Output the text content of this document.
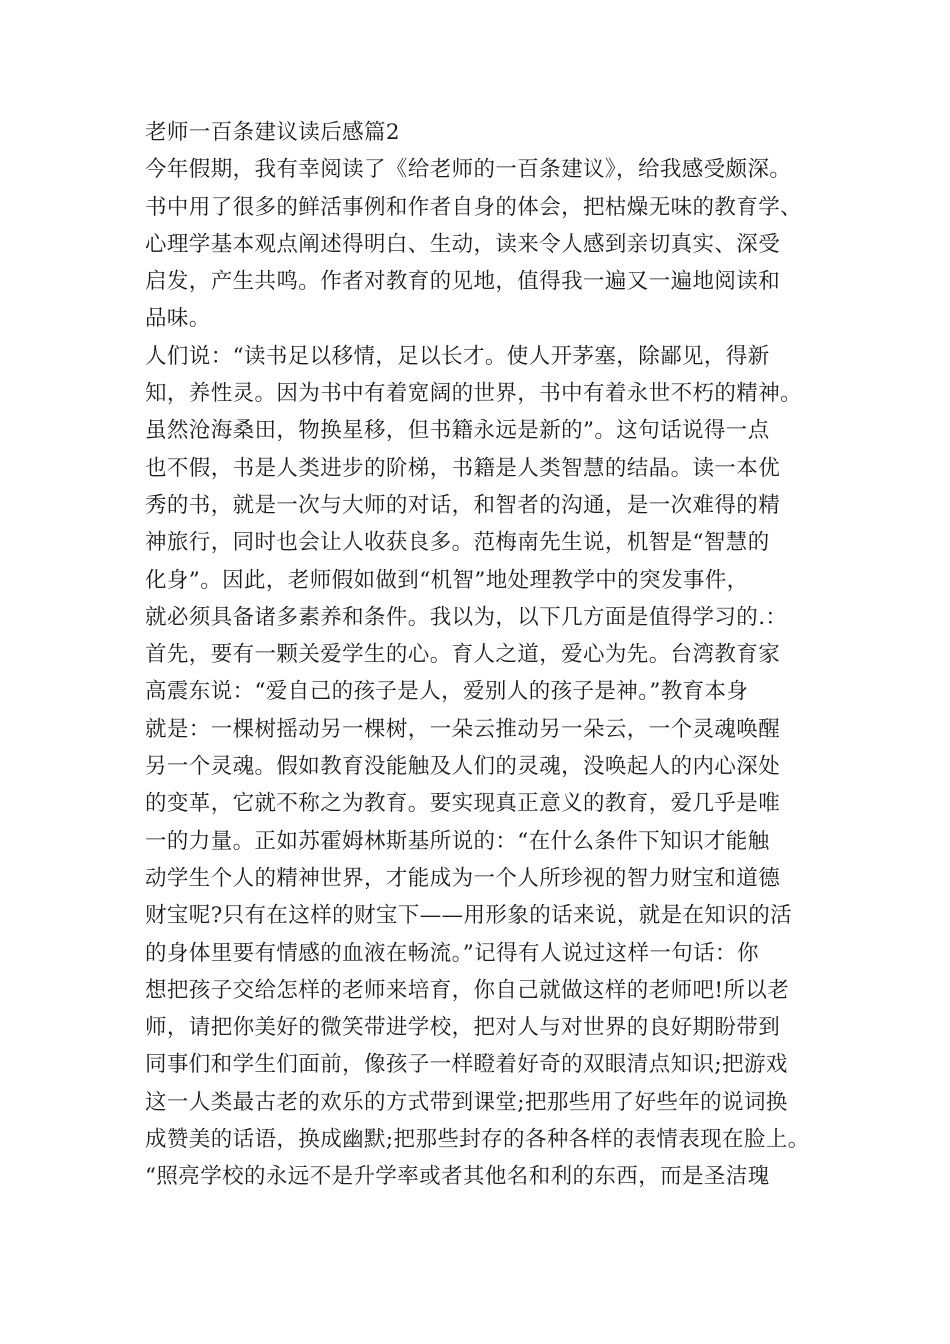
老师一百条建议读后感篇2
今年假期，我有幸阅读了《给老师的一百条建议》，给我感受颇深。
书中用了很多的鲜活事例和作者自身的体会，把枯燥无味的教育学、
心理学基本观点阐述得明白、生动，读来令人感到亲切真实、深受
启发，产生共鸣。作者对教育的见地，值得我一遍又一遍地阅读和
品味。
人们说：“读书足以移情，足以长才。使人开茅塞，除鄙见，得新
知，养性灵。因为书中有着宽阔的世界，书中有着永世不朽的精神。
虽然沧海桑田，物换星移，但书籍永远是新的”。这句话说得一点
也不假，书是人类进步的阶梯，书籍是人类智慧的结晶。读一本优
秀的书，就是一次与大师的对话，和智者的沟通，是一次难得的精
神旅行，同时也会让人收获良多。范梅南先生说，机智是“智慧的
化身”。因此，老师假如做到“机智”地处理教学中的突发事件，
就必须具备诸多素养和条件。我以为，以下几方面是值得学习的.：
首先，要有一颗关爱学生的心。育人之道，爱心为先。台湾教育家
高震东说：“爱自己的孩子是人，爱别人的孩子是神。”教育本身
就是：一棵树摇动另一棵树，一朵云推动另一朵云，一个灵魂唤醒
另一个灵魂。假如教育没能触及人们的灵魂，没唤起人的内心深处
的变革，它就不称之为教育。要实现真正意义的教育，爱几乎是唯
一的力量。正如苏霍姆林斯基所说的：“在什么条件下知识才能触
动学生个人的精神世界，才能成为一个人所珍视的智力财宝和道德
财宝呢?只有在这样的财宝下——用形象的话来说，就是在知识的活
的身体里要有情感的血液在畅流。”记得有人说过这样一句话：你
想把孩子交给怎样的老师来培育，你自己就做这样的老师吧!所以老
师，请把你美好的微笑带进学校，把对人与对世界的良好期盼带到
同事们和学生们面前，像孩子一样瞪着好奇的双眼清点知识;把游戏
这一人类最古老的欢乐的方式带到课堂;把那些用了好些年的说词换
成赞美的话语，换成幽默;把那些封存的各种各样的表情表现在脸上。
“照亮学校的永远不是升学率或者其他名和利的东西，而是圣洁瑰
